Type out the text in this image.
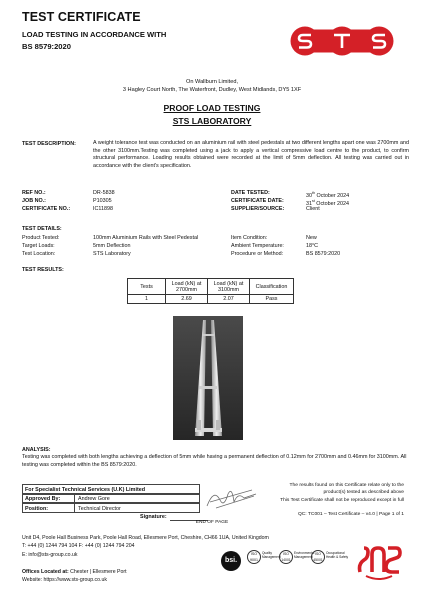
TEST CERTIFICATE
LOAD TESTING IN ACCORDANCE WITH
BS 8579:2020
On Wallburn Limited,
3 Hagley Court North, The Waterfront, Dudley, West Midlands, DY5 1XF
PROOF LOAD TESTING
STS LABORATORY
TEST DESCRIPTION:	A weight tolerance test was conducted on an aluminium rail with steel pedestals at two different lengths apart one was 2700mm and the other 3100mm.Testing was completed using a jack to apply a vertical compressive load centre to the product, to confirm structural performance. Loading results obtained were recorded at the limit of 5mm deflection. All testing was carried out in accordance with the client's specification.
REF NO.:	DR-5838
JOB NO.:	P10305
CERTIFICATE NO.:	IC11898
DATE TESTED:	30th October 2024
CERTIFICATE DATE:	31st October 2024
SUPPLIER/SOURCE:	Client
TEST DETAILS:
Product Tested:	100mm Aluminium Rails with Steel Pedestal
Target Loads:	5mm Deflection
Test Location:	STS Laboratory
Item Condition:	New
Ambient Temperature:	18°C
Procedure or Method:	BS 8579:2020
TEST RESULTS:
Tests	Load (kN) at 2700mm	Load (kN) at 3100mm	Classification
1	2.69	2.07	Pass
ANALYSIS:
Testing was completed with both lengths achieving a deflection of 5mm while having a permanent deflection of 0.12mm for 2700mm and 0.46mm for 3100mm. All testing was completed within the BS 8579:2020.
For Specialist Technical Services (U.K) Limited
Approved By:	Andrew Gore
Position:	Technical Director
Signature:
The results found on this Certificate relate only to the
product(s) tested as described above
This Test Certificate shall not be reproduced except in full
QC: TC001 – Test Certificate – v4.0 | Page 1 of 1
END OF PAGE
Unit D4, Poole Hall Business Park, Poole Hall Road, Ellesmere Port, Cheshire, CH66 1UA, United Kingdom
T: +44 (0) 1244 794 104 F: +44 (0) 1244 794 204
E: info@sts-group.co.uk
Offices Located at: Chester | Ellesmere Port
Website: https://www.sts-group.co.uk
bsi.
ISO
9001
Quality
Management
ISO
14001
Environmental
Management
ISO
45001
Occupational
Health & Safety
